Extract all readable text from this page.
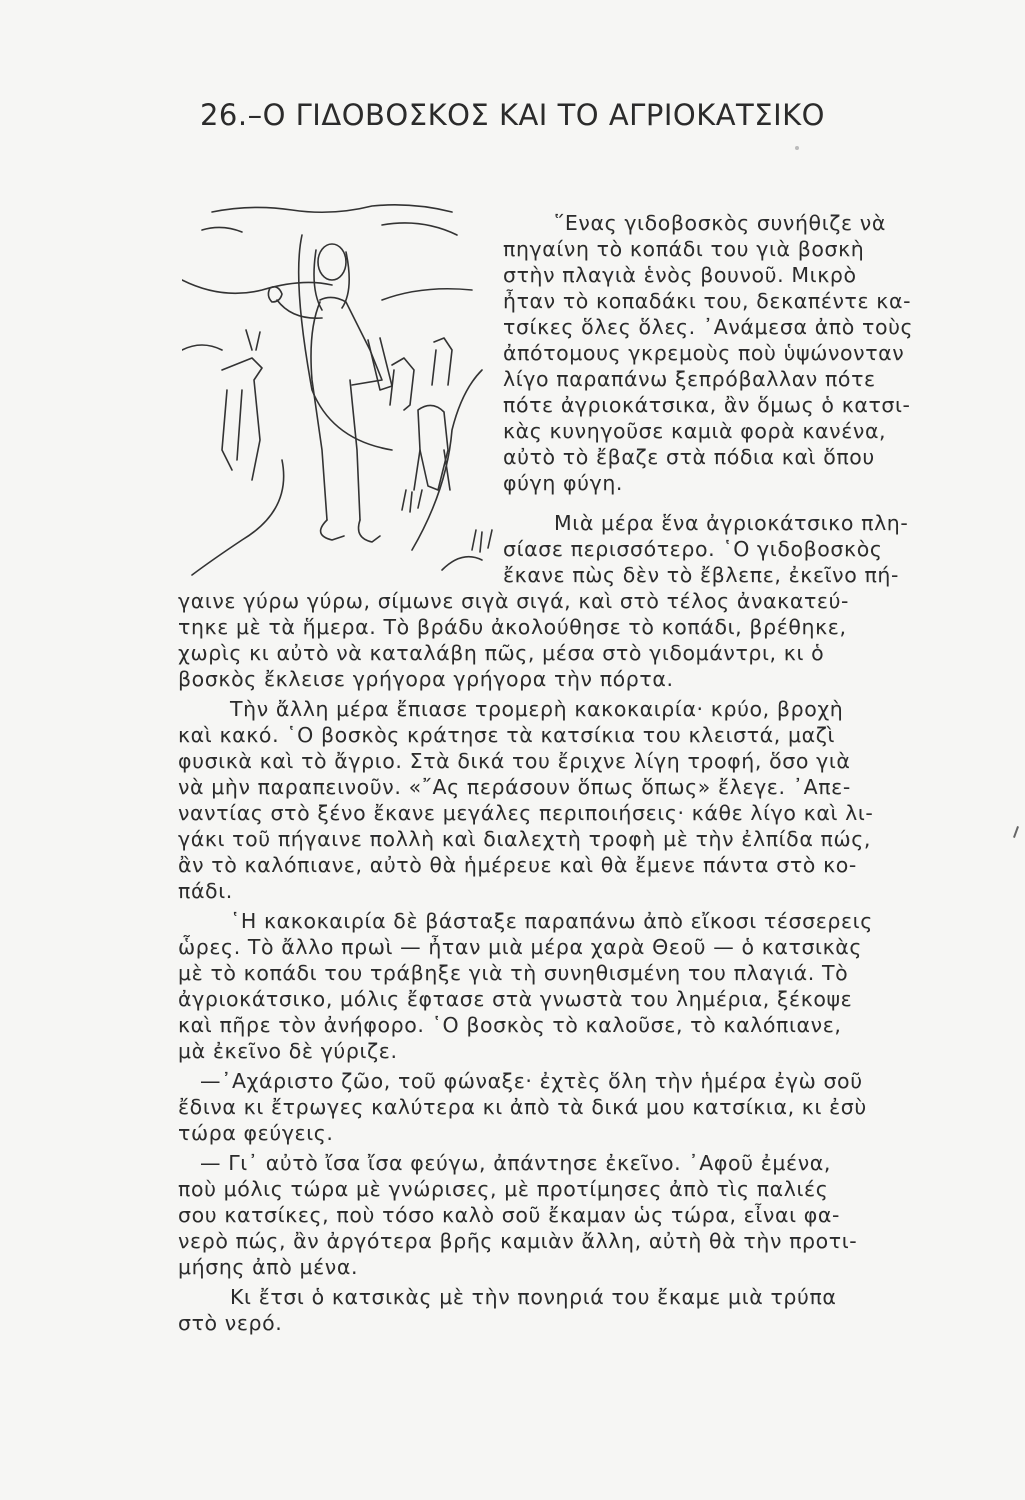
26.–Ο ΓΙΔΟΒΟΣΚΟΣ ΚΑΙ ΤΟ ΑΓΡΙΟΚΑΤΣΙΚΟ

῞Ενας γιδοβοσκὸς συνήθιζε νὰ

πηγαίνη τὸ κοπάδι του γιὰ βοσκὴ

στὴν πλαγιὰ ἑνὸς βουνοῦ. Μικρὸ

ἦταν τὸ κοπαδάκι του, δεκαπέντε κα-

τσίκες ὅλες ὅλες. ᾿Ανάμεσα ἀπὸ τοὺς

ἀπότομους γκρεμοὺς ποὺ ὑψώνονταν

λίγο παραπάνω ξεπρόβαλλαν πότε

πότε ἀγριοκάτσικα, ἂν ὅμως ὁ κατσι-

κὰς κυνηγοῦσε καμιὰ φορὰ κανένα,

αὐτὸ τὸ ἔβαζε στὰ πόδια καὶ ὅπου

φύγη φύγη.

Μιὰ μέρα ἕνα ἀγριοκάτσικο πλη-

σίασε περισσότερο. ῾Ο γιδοβοσκὸς

ἔκανε πὼς δὲν τὸ ἔβλεπε, ἐκεῖνο πή-

γαινε γύρω γύρω, σίμωνε σιγὰ σιγά, καὶ στὸ τέλος ἀνακατεύ-

τηκε μὲ τὰ ἥμερα. Τὸ βράδυ ἀκολούθησε τὸ κοπάδι, βρέθηκε,

χωρὶς κι αὐτὸ νὰ καταλάβη πῶς, μέσα στὸ γιδομάντρι, κι ὁ

βοσκὸς ἔκλεισε γρήγορα γρήγορα τὴν πόρτα.

Τὴν ἄλλη μέρα ἔπιασε τρομερὴ κακοκαιρία· κρύο, βροχὴ

καὶ κακό. ῾Ο βοσκὸς κράτησε τὰ κατσίκια του κλειστά, μαζὶ

φυσικὰ καὶ τὸ ἄγριο. Στὰ δικά του ἔριχνε λίγη τροφή, ὅσο γιὰ

νὰ μὴν παραπεινοῦν. «῎Ας περάσουν ὅπως ὅπως» ἔλεγε. ᾿Απε-

ναντίας στὸ ξένο ἔκανε μεγάλες περιποιήσεις· κάθε λίγο καὶ λι-

γάκι τοῦ πήγαινε πολλὴ καὶ διαλεχτὴ τροφὴ μὲ τὴν ἐλπίδα πώς,

ἂν τὸ καλόπιανε, αὐτὸ θὰ ἡμέρευε καὶ θὰ ἔμενε πάντα στὸ κο-

πάδι.

῾Η κακοκαιρία δὲ βάσταξε παραπάνω ἀπὸ εἴκοσι τέσσερεις

ὧρες. Τὸ ἄλλο πρωὶ — ἦταν μιὰ μέρα χαρὰ Θεοῦ — ὁ κατσικὰς

μὲ τὸ κοπάδι του τράβηξε γιὰ τὴ συνηθισμένη του πλαγιά. Τὸ

ἀγριοκάτσικο, μόλις ἔφτασε στὰ γνωστὰ του λημέρια, ξέκοψε

καὶ πῆρε τὸν ἀνήφορο. ῾Ο βοσκὸς τὸ καλοῦσε, τὸ καλόπιανε,

μὰ ἐκεῖνο δὲ γύριζε.

—᾿Αχάριστο ζῶο, τοῦ φώναξε· ἐχτὲς ὅλη τὴν ἡμέρα ἐγὼ σοῦ

ἔδινα κι ἔτρωγες καλύτερα κι ἀπὸ τὰ δικά μου κατσίκια, κι ἐσὺ

τώρα φεύγεις.

— Γι᾿ αὐτὸ ἴσα ἴσα φεύγω, ἀπάντησε ἐκεῖνο. ᾿Αφοῦ ἐμένα,

ποὺ μόλις τώρα μὲ γνώρισες, μὲ προτίμησες ἀπὸ τὶς παλιές

σου κατσίκες, ποὺ τόσο καλὸ σοῦ ἔκαμαν ὡς τώρα, εἶναι φα-

νερὸ πώς, ἂν ἀργότερα βρῆς καμιὰν ἄλλη, αὐτὴ θὰ τὴν προτι-

μήσης ἀπὸ μένα.

Κι ἔτσι ὁ κατσικὰς μὲ τὴν πονηριά του ἔκαμε μιὰ τρύπα

στὸ νερό.
